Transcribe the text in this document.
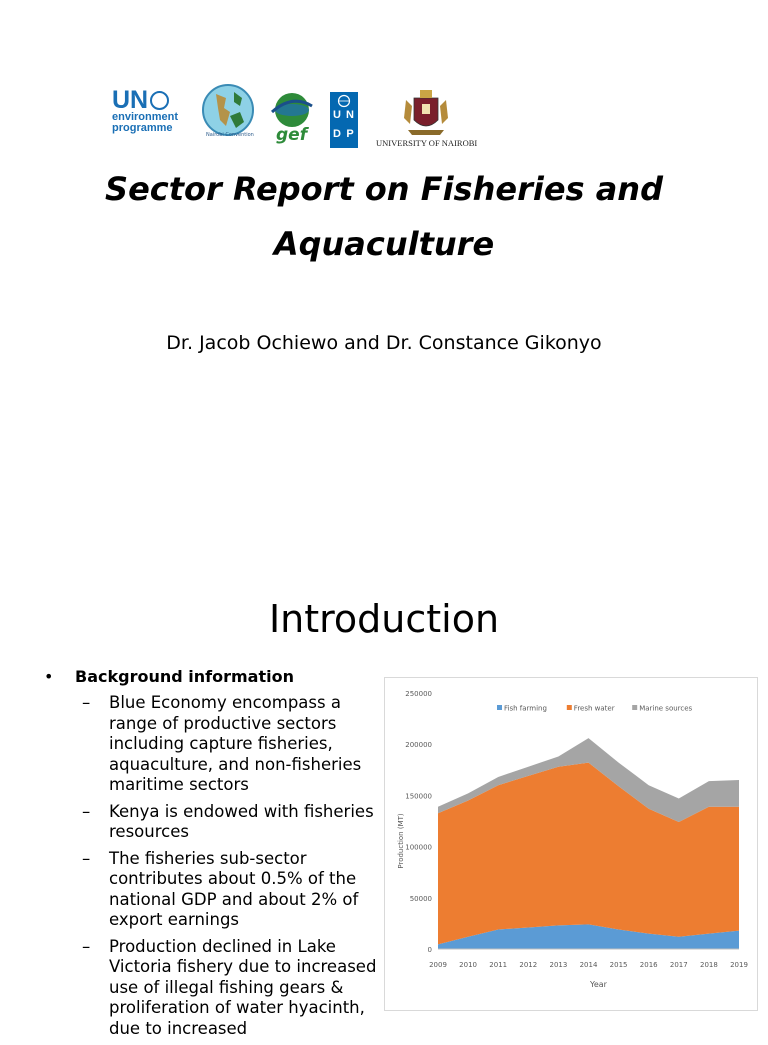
UN
environment
programme
Nairobi Convention gef
U N
D P
UNIVERSITY OF NAIROBI
Sector Report on Fisheries and Aquaculture
Dr. Jacob Ochiewo and Dr. Constance Gikonyo
Introduction
• Background information
– Blue Economy encompass a range of productive sectors including capture fisheries, aquaculture, and non-fisheries maritime sectors
– Kenya is endowed with fisheries resources
– The fisheries sub-sector contributes about 0.5% of the national GDP and about 2% of export earnings
– Production declined in Lake Victoria fishery due to increased use of illegal fishing gears & proliferation of water hyacinth, due to increased
0
50000
100000
150000
200000
250000
2009 2010 2011 2012 2013 2014 2015 2016 2017 2018 2019
Year
Production (MT)
Fish farming	Fresh water	Marine sources
